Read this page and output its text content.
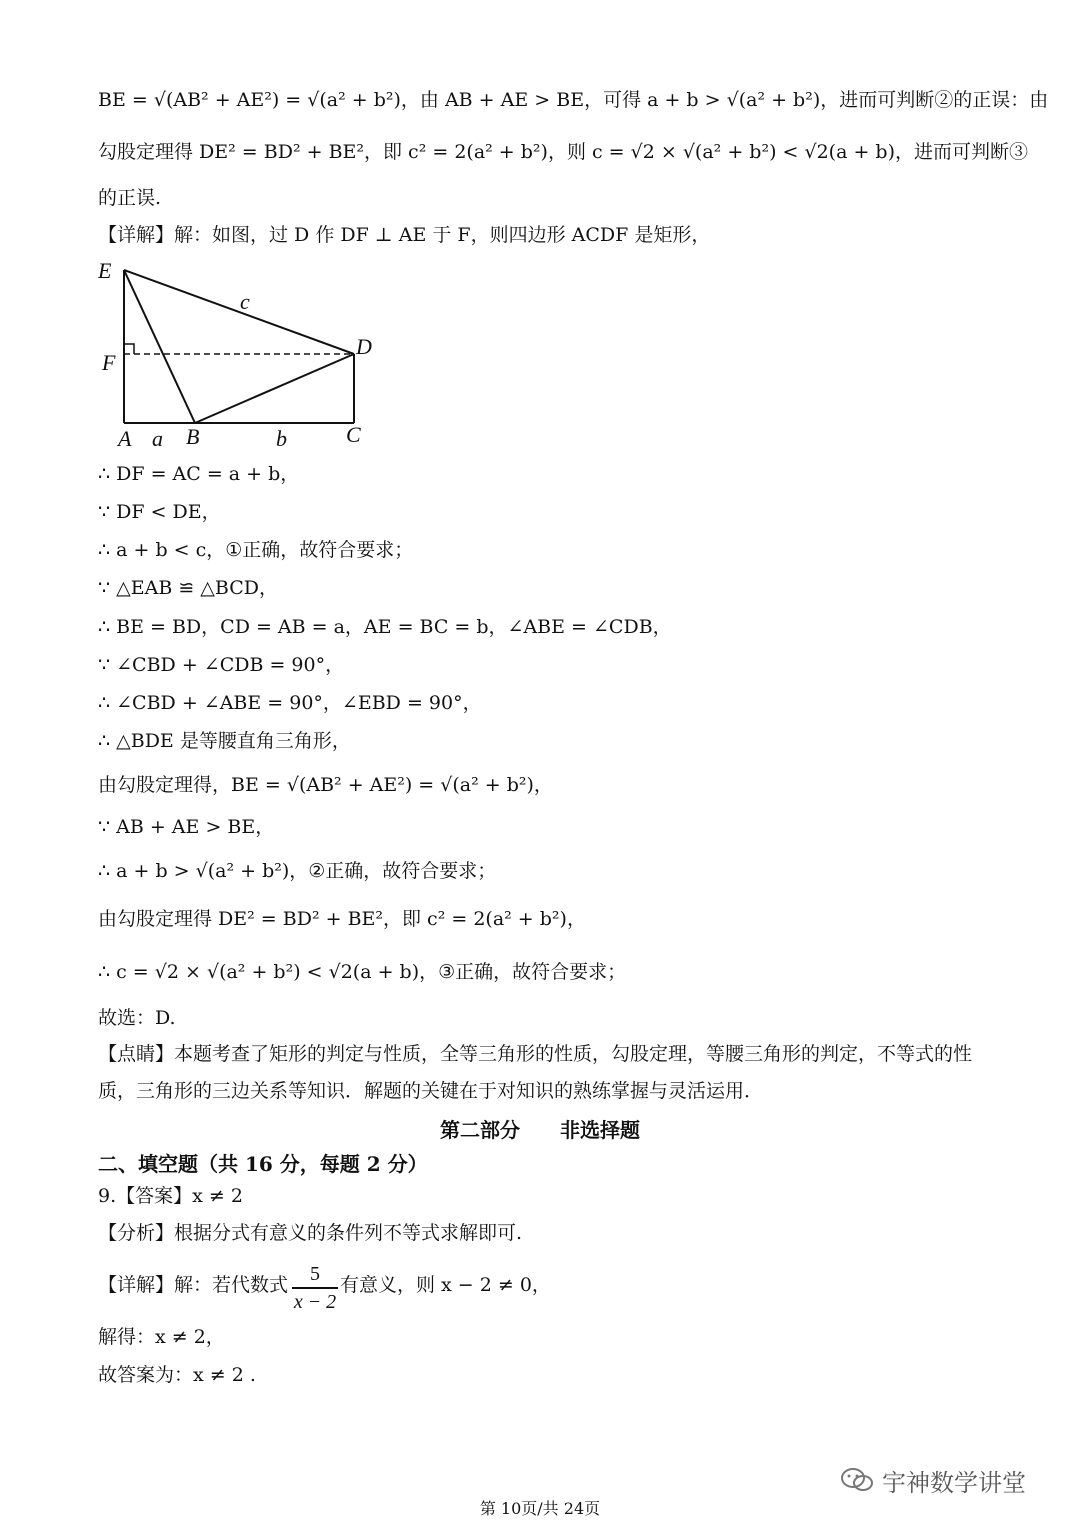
BE = √(AB² + AE²) = √(a² + b²)，由 AB + AE > BE，可得 a + b > √(a² + b²)，进而可判断②的正误：由
勾股定理得 DE² = BD² + BE²，即 c² = 2(a² + b²)，则 c = √2 × √(a² + b²) < √2(a + b)，进而可判断③
的正误.
【详解】解：如图，过 D 作 DF ⊥ AE 于 F，则四边形 ACDF 是矩形，
E
F
A a B	b	C
D
c
∴ DF = AC = a + b，
∵ DF < DE，
∴ a + b < c，①正确，故符合要求；
∵ △EAB ≌ △BCD，
∴ BE = BD，CD = AB = a，AE = BC = b，∠ABE = ∠CDB，
∵ ∠CBD + ∠CDB = 90°，
∴ ∠CBD + ∠ABE = 90°，∠EBD = 90°，
∴ △BDE 是等腰直角三角形，
由勾股定理得，BE = √(AB² + AE²) = √(a² + b²)，
∵ AB + AE > BE，
∴ a + b > √(a² + b²)，②正确，故符合要求；
由勾股定理得 DE² = BD² + BE²，即 c² = 2(a² + b²)，
∴ c = √2 × √(a² + b²) < √2(a + b)，③正确，故符合要求；
故选：D.
【点睛】本题考查了矩形的判定与性质，全等三角形的性质，勾股定理，等腰三角形的判定，不等式的性
质，三角形的三边关系等知识．解题的关键在于对知识的熟练掌握与灵活运用．
第二部分　　非选择题
二、填空题（共 16 分，每题 2 分）
9.【答案】x ≠ 2
【分析】根据分式有意义的条件列不等式求解即可.
【详解】解：若代数式	5
x − 2
有意义，则 x − 2 ≠ 0，
解得：x ≠ 2，
故答案为：x ≠ 2 .
宇神数学讲堂
第 10页/共 24页
